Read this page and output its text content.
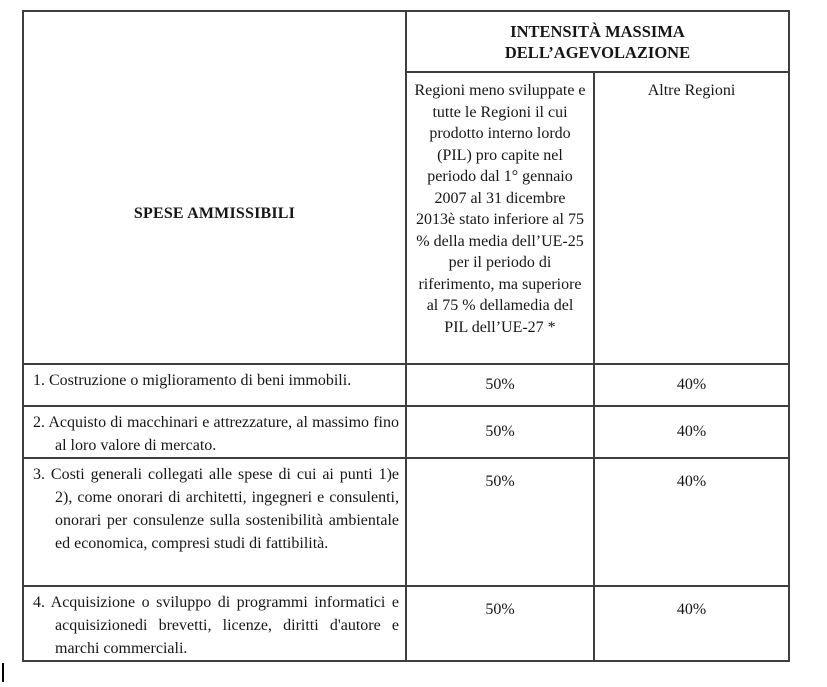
SPESE AMMISSIBILI	INTENSITÀ MASSIMA DELL’AGEVOLAZIONE	

	Regioni meno sviluppate e tutte le Regioni il cui prodotto interno lordo (PIL) pro capite nel periodo dal 1° gennaio 2007 al 31 dicembre 2013è stato inferiore al 75 % della media dell’UE-25 per il periodo di riferimento, ma superiore al 75 % dellamedia del PIL dell’UE-27 *	Altre Regioni
1. Costruzione o miglioramento di beni immobili.	50%	40%
2. Acquisto di macchinari e attrezzature, al massimo fino al loro valore di mercato.	50%	40%
3. Costi generali collegati alle spese di cui ai punti 1)e 2), come onorari di architetti, ingegneri e consulenti, onorari per consulenze sulla sostenibilità ambientale ed economica, compresi studi di fattibilità.	50%	40%
4. Acquisizione o sviluppo di programmi informatici e acquisizionedi brevetti, licenze, diritti d'autore e marchi commerciali.	50%	40%
